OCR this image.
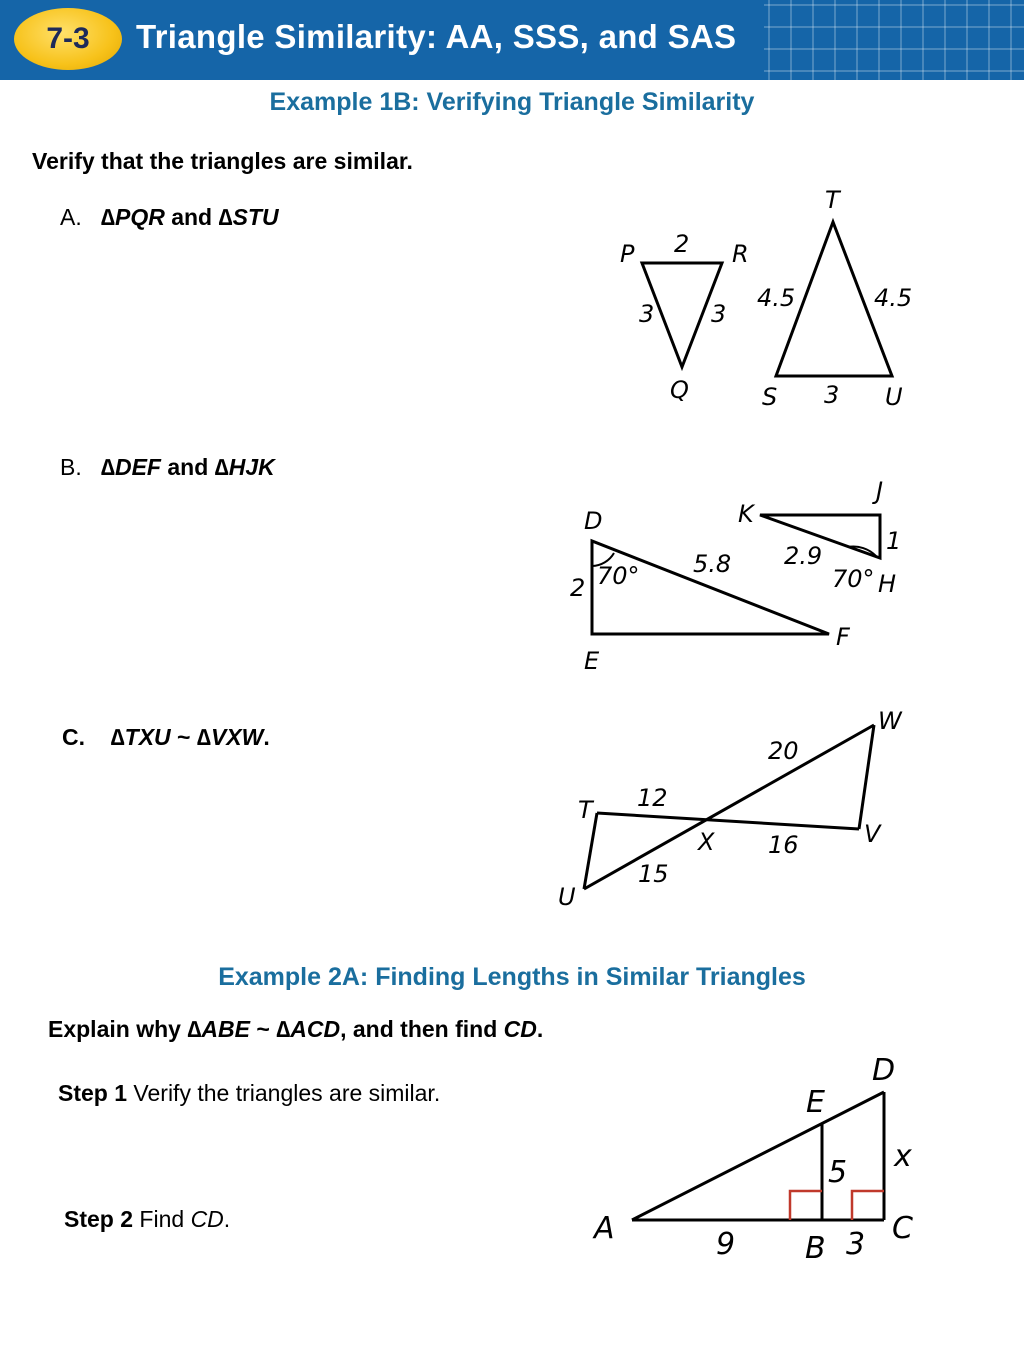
7-3 Triangle Similarity: AA, SSS, and SAS
Example 1B: Verifying Triangle Similarity
Verify that the triangles are similar.
A. ∆PQR and ∆STU
B. ∆DEF and ∆HJK
C. ∆TXU ~ ∆VXW.
Example 2A: Finding Lengths in Similar Triangles
Explain why ∆ABE ~ ∆ACD, and then find CD.
Step 1 Verify the triangles are similar.
Step 2 Find CD.
P	R
Q
2
3 3
T
S	U
4.5	4.5
3
D
E
F
2 70° 5.8
K
J
H
1
2.9
70°
T
U
X
W
V
12
15
20
16
A
B
C
D
E
9	3
5 x
